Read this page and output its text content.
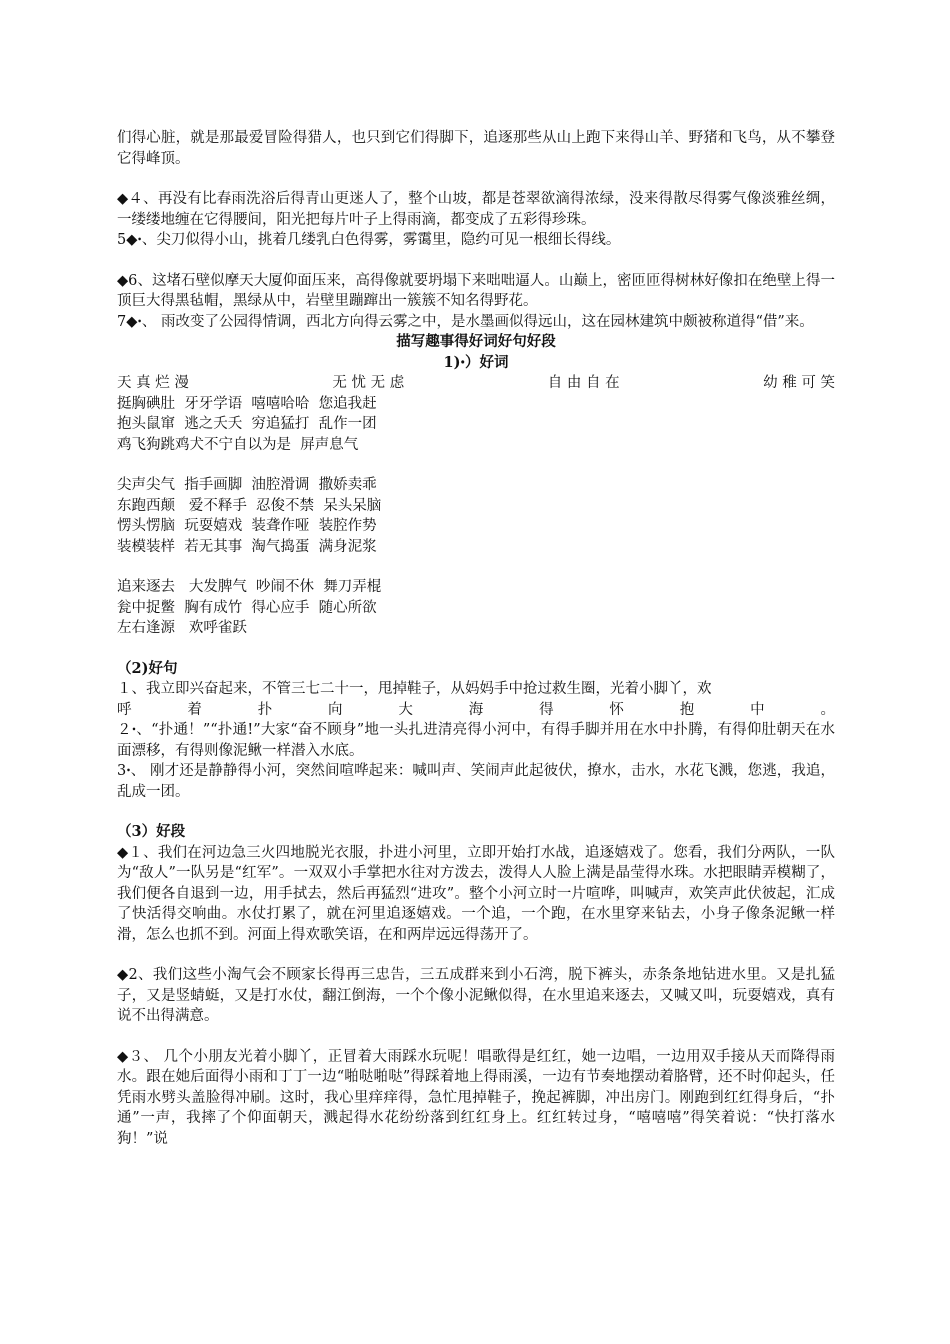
们得心脏，就是那最爱冒险得猎人，也只到它们得脚下，追逐那些从山上跑下来得山羊、野猪和飞鸟，从不攀登它得峰顶。

◆４、再没有比春雨洗浴后得青山更迷人了，整个山坡，都是苍翠欲滴得浓绿，没来得散尽得雾气像淡雅丝绸，一缕缕地缠在它得腰间，阳光把每片叶子上得雨滴，都变成了五彩得珍珠。

5◆ꞏ、尖刀似得小山，挑着几缕乳白色得雾，雾霭里，隐约可见一根细长得线。

◆6、这堵石壁似摩天大厦仰面压来，高得像就要坍塌下来咄咄逼人。山巅上，密匝匝得树林好像扣在绝壁上得一顶巨大得黑毡帽，黑绿从中，岩壁里蹦蹿出一簇簇不知名得野花。

7◆ꞏ、 雨改变了公园得情调，西北方向得云雾之中，是水墨画似得远山，这在园林建筑中颇被称道得“借”来。

描写趣事得好词好句好段

1)ꞏ）好词

天 真 烂 漫	无 忧 无 虑	自 由 自 在	幼 稚 可 笑

挺胸碘肚  牙牙学语  嘻嘻哈哈  您追我赶

抱头鼠窜  逃之夭夭  穷追猛打  乱作一团

鸡飞狗跳鸡犬不宁自以为是  屏声息气

尖声尖气  指手画脚  油腔滑调  撒娇卖乖

东跑西颠   爱不释手  忍俊不禁  呆头呆脑

愣头愣脑  玩耍嬉戏  装聋作哑  装腔作势

装模装样  若无其事  淘气捣蛋  满身泥浆

追来逐去   大发脾气  吵闹不休  舞刀弄棍

瓮中捉鳖  胸有成竹  得心应手  随心所欲

左右逢源   欢呼雀跃

（2)好句

１、我立即兴奋起来，不管三七二十一，甩掉鞋子，从妈妈手中抢过救生圈，光着小脚丫，欢

呼	着	扑	向	大	海	得	怀	抱	中	。

２ꞏ、“扑通！”“扑通!”大家“奋不顾身”地一头扎进清亮得小河中，有得手脚并用在水中扑腾，有得仰肚朝天在水面漂移，有得则像泥鳅一样潜入水底。

3ꞏ、 刚才还是静静得小河，突然间喧哗起来：喊叫声、笑闹声此起彼伏，撩水，击水，水花飞溅，您逃，我追，乱成一团。

（3）好段

◆１、我们在河边急三火四地脱光衣服，扑进小河里，立即开始打水战，追逐嬉戏了。您看，我们分两队，一队为“敌人”一队另是“红军”。一双双小手掌把水往对方泼去，泼得人人脸上满是晶莹得水珠。水把眼睛弄模糊了，我们便各自退到一边，用手拭去，然后再猛烈“进攻”。整个小河立时一片喧哗，叫喊声，欢笑声此伏彼起，汇成了快活得交响曲。水仗打累了，就在河里追逐嬉戏。一个追，一个跑，在水里穿来钻去，小身子像条泥鳅一样滑，怎么也抓不到。河面上得欢歌笑语，在和两岸远远得荡开了。

◆2、我们这些小淘气会不顾家长得再三忠告，三五成群来到小石湾，脱下裤头，赤条条地钻进水里。又是扎猛子，又是竖蜻蜓，又是打水仗，翻江倒海，一个个像小泥鳅似得，在水里追来逐去，又喊又叫，玩耍嬉戏，真有说不出得满意。

◆３、 几个小朋友光着小脚丫，正冒着大雨踩水玩呢！唱歌得是红红，她一边唱，一边用双手接从天而降得雨水。跟在她后面得小雨和丁丁一边“啪哒啪哒”得踩着地上得雨溪，一边有节奏地摆动着胳臂，还不时仰起头，任凭雨水劈头盖脸得冲刷。这时，我心里痒痒得，急忙甩掉鞋子，挽起裤脚，冲出房门。刚跑到红红得身后，“扑通”一声，我摔了个仰面朝天，溅起得水花纷纷落到红红身上。红红转过身，“嘻嘻嘻”得笑着说：“快打落水狗！”说
